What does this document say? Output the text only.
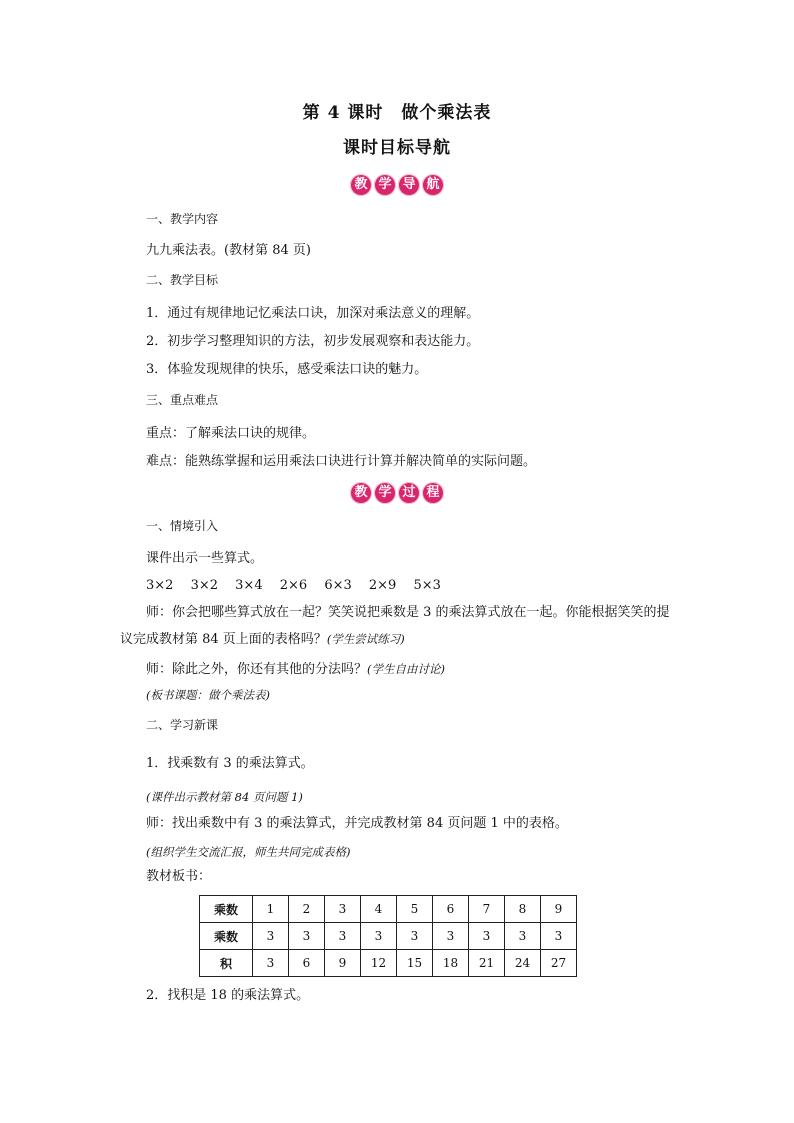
第 4 课时　做个乘法表
课时目标导航
教 学 导 航
一、教学内容
九九乘法表。(教材第 84 页)
二、教学目标
1．通过有规律地记忆乘法口诀，加深对乘法意义的理解。
2．初步学习整理知识的方法，初步发展观察和表达能力。
3．体验发现规律的快乐，感受乘法口诀的魅力。
三、重点难点
重点：了解乘法口诀的规律。
难点：能熟练掌握和运用乘法口诀进行计算并解决简单的实际问题。
教 学 过 程
一、情境引入
课件出示一些算式。
3×2 3×2 3×4 2×6 6×3 2×9 5×3
师：你会把哪些算式放在一起？笑笑说把乘数是 3 的乘法算式放在一起。你能根据笑笑的提议完成教材第 84 页上面的表格吗？(学生尝试练习)
师：除此之外，你还有其他的分法吗？(学生自由讨论)
(板书课题：做个乘法表)
二、学习新课
1．找乘数有 3 的乘法算式。
(课件出示教材第 84 页问题 1)
师：找出乘数中有 3 的乘法算式，并完成教材第 84 页问题 1 中的表格。
(组织学生交流汇报，师生共同完成表格)
教材板书：
乘数	1	2	3	4	5	6	7	8	9
乘数	3	3	3	3	3	3	3	3	3
积	3	6	9	12	15	18	21	24	27
2．找积是 18 的乘法算式。
